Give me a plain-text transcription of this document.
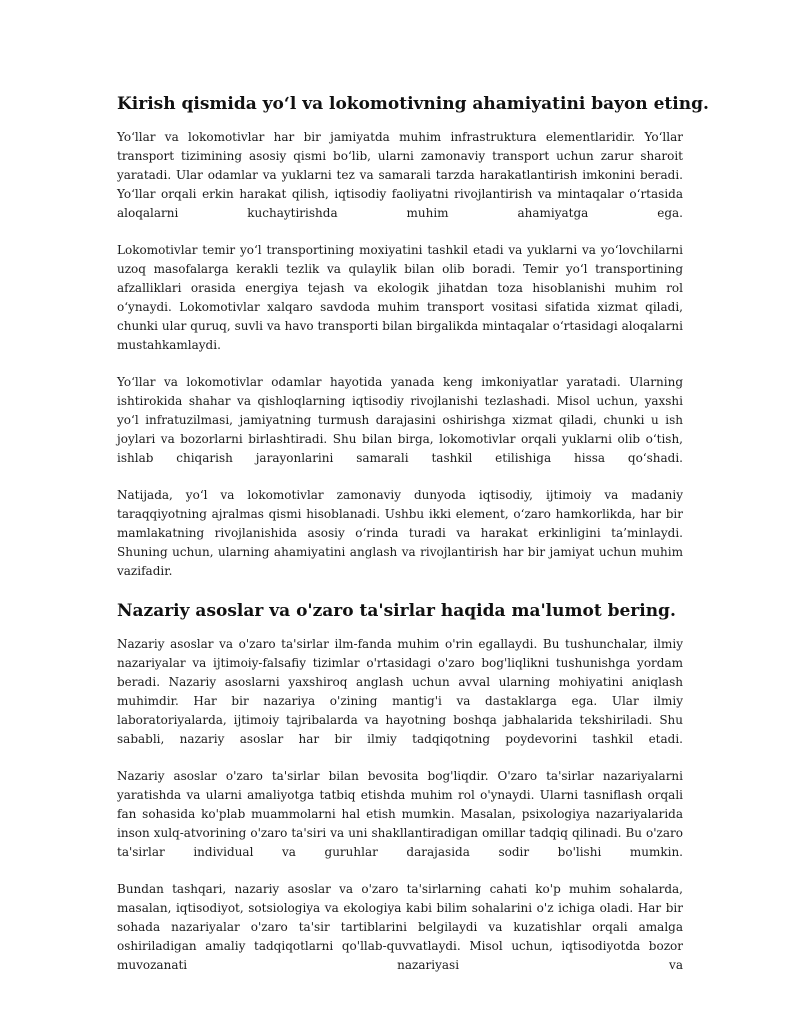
Kirish qismida yo‘l va lokomotivning ahamiyatini bayon eting.

Yo‘llar va lokomotivlar har bir jamiyatda muhim infrastruktura elementlaridir. Yo‘llar transport tizimining asosiy qismi bo‘lib, ularni zamonaviy transport uchun zarur sharoit yaratadi. Ular odamlar va yuklarni tez va samarali tarzda harakatlantirish imkonini beradi. Yo‘llar orqali erkin harakat qilish, iqtisodiy faoliyatni rivojlantirish va mintaqalar o‘rtasida aloqalarni kuchaytirishda muhim ahamiyatga ega.

Lokomotivlar temir yo‘l transportining moxiyatini tashkil etadi va yuklarni va yo‘lovchilarni uzoq masofalarga kerakli tezlik va qulaylik bilan olib boradi. Temir yo‘l transportining afzalliklari orasida energiya tejash va ekologik jihatdan toza hisoblanishi muhim rol o‘ynaydi. Lokomotivlar xalqaro savdoda muhim transport vositasi sifatida xizmat qiladi, chunki ular quruq, suvli va havo transporti bilan birgalikda mintaqalar o‘rtasidagi aloqalarni mustahkamlaydi.

Yo‘llar va lokomotivlar odamlar hayotida yanada keng imkoniyatlar yaratadi. Ularning ishtirokida shahar va qishloqlarning iqtisodiy rivojlanishi tezlashadi. Misol uchun, yaxshi yo‘l infratuzilmasi, jamiyatning turmush darajasini oshirishga xizmat qiladi, chunki u ish joylari va bozorlarni birlashtiradi. Shu bilan birga, lokomotivlar orqali yuklarni olib o‘tish, ishlab chiqarish jarayonlarini samarali tashkil etilishiga hissa qo‘shadi.

Natijada, yo‘l va lokomotivlar zamonaviy dunyoda iqtisodiy, ijtimoiy va madaniy taraqqiyotning ajralmas qismi hisoblanadi. Ushbu ikki element, o‘zaro hamkorlikda, har bir mamlakatning rivojlanishida asosiy o‘rinda turadi va harakat erkinligini ta’minlaydi. Shuning uchun, ularning ahamiyatini anglash va rivojlantirish har bir jamiyat uchun muhim vazifadir.

Nazariy asoslar va o'zaro ta'sirlar haqida ma'lumot bering.

Nazariy asoslar va o'zaro ta'sirlar ilm-fanda muhim o'rin egallaydi. Bu tushunchalar, ilmiy nazariyalar va ijtimoiy-falsafiy tizimlar o'rtasidagi o'zaro bog'liqlikni tushunishga yordam beradi. Nazariy asoslarni yaxshiroq anglash uchun avval ularning mohiyatini aniqlash muhimdir. Har bir nazariya o'zining mantig'i va dastaklarga ega. Ular ilmiy laboratoriyalarda, ijtimoiy tajribalarda va hayotning boshqa jabhalarida tekshiriladi. Shu sababli, nazariy asoslar har bir ilmiy tadqiqotning poydevorini tashkil etadi.

Nazariy asoslar o'zaro ta'sirlar bilan bevosita bog'liqdir. O'zaro ta'sirlar nazariyalarni yaratishda va ularni amaliyotga tatbiq etishda muhim rol o'ynaydi. Ularni tasniflash orqali fan sohasida ko'plab muammolarni hal etish mumkin. Masalan, psixologiya nazariyalarida inson xulq-atvorining o'zaro ta'siri va uni shakllantiradigan omillar tadqiq qilinadi. Bu o'zaro ta'sirlar individual va guruhlar darajasida sodir bo'lishi mumkin.

Bundan tashqari, nazariy asoslar va o'zaro ta'sirlarning cahati ko'p muhim sohalarda, masalan, iqtisodiyot, sotsiologiya va ekologiya kabi bilim sohalarini o'z ichiga oladi. Har bir sohada nazariyalar o'zaro ta'sir tartiblarini belgilaydi va kuzatishlar orqali amalga oshiriladigan amaliy tadqiqotlarni qo'llab-quvvatlaydi. Misol uchun, iqtisodiyotda bozor muvozanati nazariyasi va
